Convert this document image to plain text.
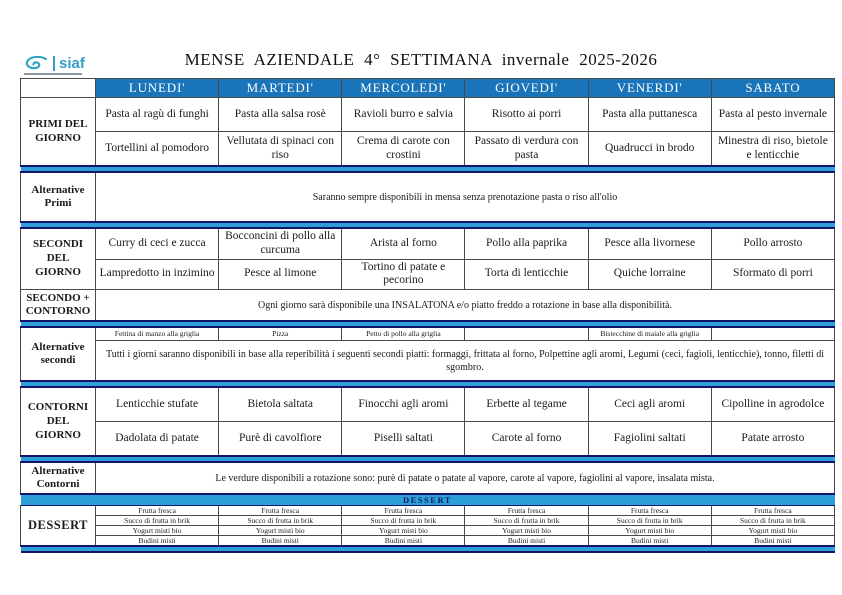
siaf	MENSE AZIENDALE 4° SETTIMANA invernale 2025-2026
	LUNEDI'	MARTEDI'	MERCOLEDI'	GIOVEDI'	VENERDI'	SABATO
PRIMI DEL GIORNO	Pasta al ragù di funghi	Pasta alla salsa rosè	Ravioli burro e salvia	Risotto ai porri	Pasta alla puttanesca	Pasta al pesto invernale
	Tortellini al pomodoro	Vellutata di spinaci con riso	Crema di carote con crostini	Passato di verdura con pasta	Quadrucci in brodo	Minestra di riso, bietole e lenticchie

Alternative Primi	Saranno sempre disponibili in mensa senza prenotazione pasta o riso all'olio					

SECONDI DEL GIORNO	Curry di ceci e zucca	Bocconcini di pollo alla curcuma	Arista al forno	Pollo alla paprika	Pesce alla livornese	Pollo arrosto
	Lampredotto in inzimino	Pesce al limone	Tortino di patate e pecorino	Torta di lenticchie	Quiche lorraine	Sformato di porri
SECONDO + CONTORNO	Ogni giorno sarà disponibile una INSALATONA e/o piatto freddo a rotazione in base alla disponibilità.					

Alternative secondi	Fettina di manzo alla griglia	Pizza	Petto di pollo alla griglia		Bistecchine di maiale alla griglia	
	Tutti i giorni saranno disponibili in base alla reperibilità i seguenti secondi piatti: formaggi, frittata al forno, Polpettine agli aromi, Legumi (ceci, fagioli, lenticchie), tonno, filetti di sgombro.					

CONTORNI DEL GIORNO	Lenticchie stufate	Bietola saltata	Finocchi agli aromi	Erbette al tegame	Ceci agli aromi	Cipolline in agrodolce
	Dadolata di patate	Purè di cavolfiore	Piselli saltati	Carote al forno	Fagiolini saltati	Patate arrosto

Alternative Contorni	Le verdure disponibili a rotazione sono: purè di patate o patate al vapore, carote al vapore, fagiolini al vapore, insalata mista.					
DESSERT						
DESSERT	Frutta fresca	Frutta fresca	Frutta fresca	Frutta fresca	Frutta fresca	Frutta fresca
	Succo di frutta in brik	Succo di frutta in brik	Succo di frutta in brik	Succo di frutta in brik	Succo di frutta in brik	Succo di frutta in brik
	Yogurt misti bio	Yogurt misti bio	Yogurt misti bio	Yogurt misti bio	Yogurt misti bio	Yogurt misti bio
	Budini misti	Budini misti	Budini misti	Budini misti	Budini misti	Budini misti
